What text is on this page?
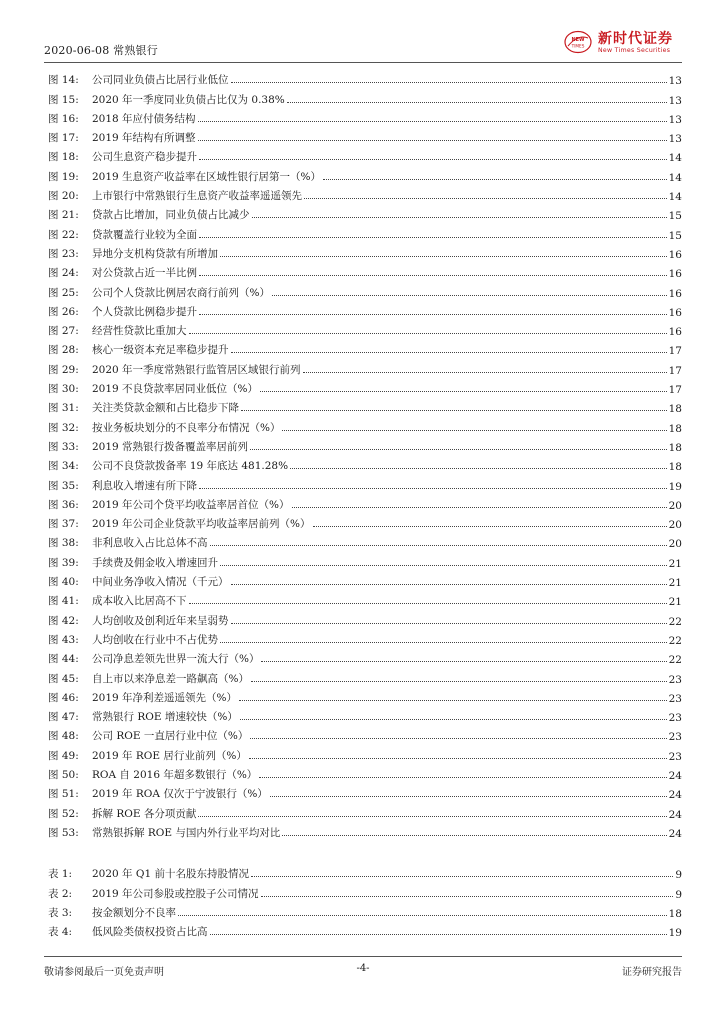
2020-06-08 常熟银行
NEW
TIMES 新时代证券
New Times Securities
图 14:	公司同业负债占比居行业低位	13
图 15:	2020 年一季度同业负债占比仅为 0.38%	13
图 16:	2018 年应付债务结构	13
图 17:	2019 年结构有所调整	13
图 18:	公司生息资产稳步提升	14
图 19:	2019 生息资产收益率在区域性银行居第一（%）	14
图 20:	上市银行中常熟银行生息资产收益率遥遥领先	14
图 21:	贷款占比增加，同业负债占比减少	15
图 22:	贷款覆盖行业较为全面	15
图 23:	异地分支机构贷款有所增加	16
图 24:	对公贷款占近一半比例	16
图 25:	公司个人贷款比例居农商行前列（%）	16
图 26:	个人贷款比例稳步提升	16
图 27:	经营性贷款比重加大	16
图 28:	核心一级资本充足率稳步提升	17
图 29:	2020 年一季度常熟银行监管居区域银行前列	17
图 30:	2019 不良贷款率居同业低位（%）	17
图 31:	关注类贷款金额和占比稳步下降	18
图 32:	按业务板块划分的不良率分布情况（%）	18
图 33:	2019 常熟银行拨备覆盖率居前列	18
图 34:	公司不良贷款拨备率 19 年底达 481.28%	18
图 35:	利息收入增速有所下降	19
图 36:	2019 年公司个贷平均收益率居首位（%）	20
图 37:	2019 年公司企业贷款平均收益率居前列（%）	20
图 38:	非利息收入占比总体不高	20
图 39:	手续费及佣金收入增速回升	21
图 40:	中间业务净收入情况（千元）	21
图 41:	成本收入比居高不下	21
图 42:	人均创收及创利近年来呈弱势	22
图 43:	人均创收在行业中不占优势	22
图 44:	公司净息差领先世界一流大行（%）	22
图 45:	自上市以来净息差一路飙高（%）	23
图 46:	2019 年净利差遥遥领先（%）	23
图 47:	常熟银行 ROE 增速较快（%）	23
图 48:	公司 ROE 一直居行业中位（%）	23
图 49:	2019 年 ROE 居行业前列（%）	23
图 50:	ROA 自 2016 年超多数银行（%）	24
图 51:	2019 年 ROA 仅次于宁波银行（%）	24
图 52:	拆解 ROE 各分项贡献	24
图 53:	常熟银拆解 ROE 与国内外行业平均对比	24
表 1:	2020 年 Q1 前十名股东持股情况	9
表 2:	2019 年公司参股或控股子公司情况	9
表 3:	按金额划分不良率	18
表 4:	低风险类债权投资占比高	19
敬请参阅最后一页免责声明	-4-	证券研究报告
